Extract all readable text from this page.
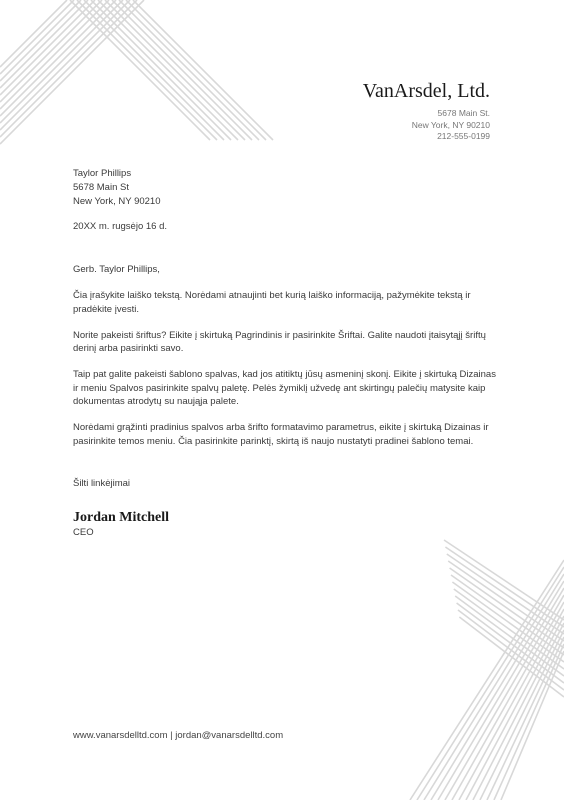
VanArsdel, Ltd.
5678 Main St.
New York, NY 90210
212-555-0199
Taylor Phillips
5678 Main St
New York, NY 90210
20XX m. rugsėjo 16 d.

Gerb. Taylor Phillips,

Čia įrašykite laiško tekstą. Norėdami atnaujinti bet kurią laiško informaciją, pažymėkite tekstą ir pradėkite įvesti.

Norite pakeisti šriftus? Eikite į skirtuką Pagrindinis ir pasirinkite Šriftai. Galite naudoti įtaisytąjį šriftų derinį arba pasirinkti savo.

Taip pat galite pakeisti šablono spalvas, kad jos atitiktų jūsų asmeninį skonį. Eikite į skirtuką Dizainas ir meniu Spalvos pasirinkite spalvų paletę. Pelės žymiklį užvedę ant skirtingų palečių matysite kaip dokumentas atrodytų su naująja palete.

Norėdami grąžinti pradinius spalvos arba šrifto formatavimo parametrus, eikite į skirtuką Dizainas ir pasirinkite temos meniu. Čia pasirinkite parinktį, skirtą iš naujo nustatyti pradinei šablono temai.

Šilti linkėjimai
Jordan Mitchell
CEO
www.vanarsdelltd.com | jordan@vanarsdelltd.com
